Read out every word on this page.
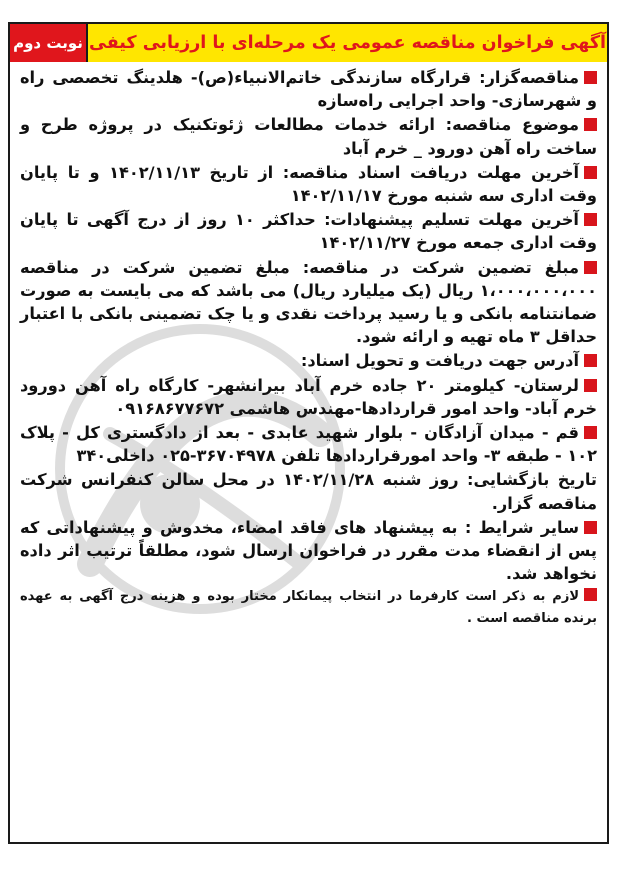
آگهی فراخوان مناقصه عمومی یک مرحله‌ای با ارزیابی کیفی
نوبت دوم

مناقصه‌گزار: قرارگاه سازندگی خاتم‌الانبیاء(ص)- هلدینگ تخصصی راه و شهرسازی- واحد اجرایی راه‌سازه

موضوع مناقصه: ارائه خدمات مطالعات ژئوتکنیک در پروژه طرح و ساخت راه آهن دورود _ خرم آباد

آخرین مهلت دریافت اسناد مناقصه: از تاریخ ۱۴۰۲/۱۱/۱۳ و تا پایان وقت اداری سه شنبه مورخ ۱۴۰۲/۱۱/۱۷

آخرین مهلت تسلیم پیشنهادات: حداکثر ۱۰ روز از درج آگهی تا پایان وقت اداری جمعه مورخ ۱۴۰۲/۱۱/۲۷

مبلغ تضمین شرکت در مناقصه: مبلغ تضمین شرکت در مناقصه ۱،۰۰۰،۰۰۰،۰۰۰ ریال (یک میلیارد ریال) می باشد که می بایست به صورت ضمانتنامه بانکی و یا رسید پرداخت نقدی و یا چک تضمینی بانکی با اعتبار حداقل ۳ ماه تهیه و ارائه شود.

آدرس جهت دریافت و تحویل اسناد:

لرستان- کیلومتر ۲۰ جاده خرم آباد بیرانشهر- کارگاه راه آهن دورود خرم آباد- واحد امور قراردادها-مهندس هاشمی ۰۹۱۶۸۶۷۷۶۷۲

قم - میدان آزادگان - بلوار شهید عابدی - بعد از دادگستری کل - پلاک ۱۰۲ - طبقه ۳- واحد امورقراردادها تلفن ۳۶۷۰۴۹۷۸-۰۲۵ داخلی۳۴۰

تاریخ بازگشایی: روز شنبه ۱۴۰۲/۱۱/۲۸ در محل سالن کنفرانس شرکت مناقصه گزار.

سایر شرایط : به پیشنهاد های فاقد امضاء، مخدوش و پیشنهاداتی که پس از انقضاء مدت مقرر در فراخوان ارسال شود، مطلقاً ترتیب اثر داده نخواهد شد.

لازم به ذکر است کارفرما در انتخاب پیمانکار مختار بوده و هزینه درج آگهی به عهده برنده مناقصه است .
